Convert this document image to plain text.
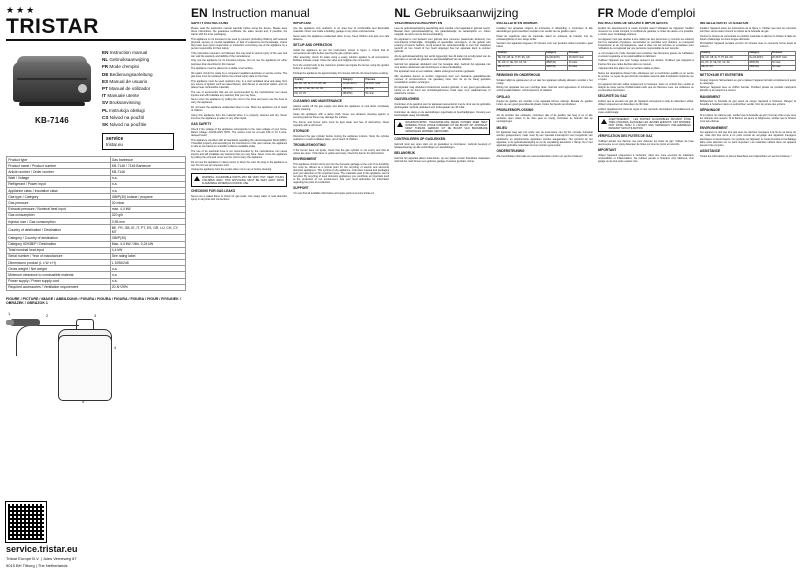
★★★
TRISTAR
KB-7146
EN Instruction manual
NL Gebruiksaanwijzing
FR Mode d'emploi
DE Bedienungsanleitung
ES Manual de usuario
PT Manual de utilizador
IT Manuale utente
SV Bruksanvisning
PL Instrukcja obsługi
CS Návod na použití
SK Návod na použitie
service
tristar.eu
Product type	Gas barbecue
Product name / Product number	KB-7146 / 7146 Barbecue
Article number / Order number	KB-7146
Watt / Voltage	n.a.
Refrigerant / Power input	n.a.
Appliance class / Insulation class	n.a.
Gas type / Category	I3B/P(30) butane / propane
Gas pressure	30 mbar
Exhaust pressure / Nominal heat input	max. 4,4 kW
Gas consumption	320 g/h
Injector size / Gas consumption	0,95 mm
Country of destination / Destination	BE, FR, GB, IE, IT, PT, ES, GR, LU, CH, CY, MT
Category / Country of destination	I3B/P(30)
Category II2H3B/P / Destination	Max. 4,4 kW / Min. 0,24 kW
Total nominal heat input	4,4 kW
Serial number / Year of manufacture	See rating label
Dimensions product (L x W x H)	L 1096/248
Gross weight / Net weight	n.a.
Minimum clearance to combustible material	n.a.
Power supply / Power supply cord	n.a.
Required accessories / Ventilation requirement	20-N+25%
FIGURE / PICTURE / IMAGE / ABBILDUNG / FIGURA / FIGURA / FIGURA / FIGURA / FIGUR / RYSUNEK / OBRÁZEK / OBRÁZOK 1
1	2	3
4
5
service.tristar.eu
Tristar Europe B.V. | Jules Verneweg 87
5015 BH Tilburg | The Netherlands
EN Instruction manual
SAFETY INSTRUCTIONS

Please read the instruction manual carefully before using the device. Please keep these instructions, the guarantee certificate, the sales receipt and, if possible, the carton with the inner packaging.

This appliance is not intended to be used by persons (including children) with reduced physical, sensory or mental capabilities, or lack of experience and knowledge, unless they have been given supervision or instruction concerning use of the appliance by a person responsible for their safety.

If the instruction manual is not followed, this may lead to serious injury of the user and can void the warranty and liability of the manufacturer.

Only use the appliance for its intended purpose. Do not use the appliance for other purposes than described in this manual.

The appliance must be placed on a stable, level surface.

All repairs should be made by a competent qualified electrician or service centre. The gas hose must be replaced before the printed expiry date on the hose.

This appliance must be used outdoors only, in a well ventilated area and away from any source of ignition such as naked flames, pilot flames or electrical sparks, and not placed near combustible materials.

The use of accessories that are not recommended by the manufacturer can cause injuries and will invalidate any warranty that you may have.

Never move the appliance by pulling the cord or the hose and never use the hose to carry the appliance.

Do not leave the appliance unattended when in use. Store the appliance out of reach of children.

Using this appliance from the material when it is properly cleaned and dry. Never immerse the appliance in water or any other liquid.

GAS SAFETY

Check if the voltage of the appliance corresponds to the main voltage of your home. Rated voltage: AC230-240V 50Hz. The socket must be at least 16A or 10 A time-delayed fused.

This appliance complies with all standards regarding the electromagnetic fields (EMF). If handled properly and according to the instructions in this user manual, the appliance is safe to use based on scientific evidence available today.

The use of an electrical hose is not recommended by the manufacturer can cause injuries and will invalidate any warranty that you may have. Never move the appliance by pulling the cord and never use the cord to carry the appliance.

Do not use the appliance in damp rooms or when the cord, the plug or the appliance is wet. Do not use an extension cord.

Unplug the appliance from the socket when not in use or before cleaning.

WARNING: ACCESSIBLE PARTS MAY BE VERY HOT. KEEP YOUNG CHILDREN AWAY. THIS APPLIANCE MUST BE KEPT AWAY FROM FLAMMABLE MATERIALS DURING USE.
CHECKING FOR GAS LEAKS

Never use a naked flame to check for gas leaks. Use soapy water or leak detection spray on all joints and connections.

IMPORTANT

Use the appliance only outdoors, in an area free of combustible and flammable materials. Never use inside a building, garage or any other enclosed area.

Never leave the appliance unattended when in use. Keep children and pets at a safe distance.

SET-UP AND OPERATION

Install the appliance as per the instructions shown in figure 1. Check that all connections are tight before opening the gas cylinder valve.

After assembly, check for leaks using a soapy solution applied to all connections. Bubbles indicate a leak. Close the valve and retighten the connection.

Turn the control knob to the maximum position and ignite the burner using the ignition button or a long match.

Preheat the appliance for approximately 10 minutes with the lid closed before cooking.

Country	Category	Pressure
BE, FR, GB, IE, IT, PT, ES, GR	I3+(28-30/37)	28-30/37 mbar
NL, DK, FI, SE, NO, CZ, SK	I3B/P(30)	30 mbar
DE, AT, CH	I3B/P(50)	50 mbar
CLEANING AND MAINTENANCE

Always switch off the gas supply and allow the appliance to cool down completely before cleaning.

Clean the appliance with a damp cloth. Never use abrasive cleaning agents or scouring pads as these may damage the surface.

The burner and burner ports must be kept clean and free of obstruction. Clean regularly with a soft brush.

STORAGE

Disconnect the gas cylinder before storing the appliance indoors. Store the cylinder outdoors in a well ventilated place, out of reach of children.

TROUBLESHOOTING

If the burner does not ignite, check that the gas cylinder is not empty and that all valves are open. If the flame is yellow and sooty, check the burner for obstructions.

ENVIRONMENT

This appliance should not be put into the domestic garbage at the end of its durability, but must be offered at a central point for the recycling of electric and electronic domestic appliances. This symbol on the appliance, instruction manual and packaging puts your attention to this important issue. The materials used in this appliance can be recycled. By recycling of used domestic appliances you contribute an important push to the protection of our environment. Ask your local authorities for information regarding the point of recollection.

SUPPORT

You can find all available information and spare parts at service.tristar.eu!

NL Gebruiksaanwijzing
VEILIGHEIDSVOORSCHRIFTEN

Lees de gebruiksaanwijzing aandachtig door voordat u het apparaat in gebruik neemt. Bewaar deze gebruiksaanwijzing, het garantiebewijs, de aankoopbon en, indien mogelijk, de doos met de binnenverpakking.

Dit apparaat is niet bedoeld voor gebruik door personen (waaronder kinderen) met verminderde lichamelijke, zintuiglijke of geestelijke vermogens, of die gebrek aan ervaring of kennis hebben, tenzij iemand die verantwoordelijk is voor hun veiligheid toezicht op hen houdt of hen heeft uitgelegd hoe het apparaat dient te worden gebruikt.

Als de gebruiksaanwijzing niet wordt opgevolgd, kan dit leiden tot ernstig letsel van de gebruiker en vervalt de garantie en aansprakelijkheid van de fabrikant.

Gebruik het apparaat uitsluitend voor het beoogde doel. Gebruik het apparaat niet voor andere doeleinden dan beschreven in deze handleiding.

Het apparaat moet op een stabiele, vlakke ondergrond worden geplaatst.

Alle reparaties dienen te worden uitgevoerd door een bekwame gekwalificeerde monteur of servicecentrum. De gasslang moet vóór de op de slang gedrukte vervaldatum worden vervangen.

Dit apparaat mag uitsluitend buitenshuis worden gebruikt, in een goed geventileerde ruimte en uit de buurt van ontstekingsbronnen zoals open vuur, waakvlammen of elektrische vonken.

GASVEILIGHEID

Controleer of de gasdruk van het apparaat overeenkomt met de druk van de gebruikte drukregelaar. Gebruik uitsluitend een drukregelaar van 30 mbar.

Controleer de slang en de aansluitingen regelmatig op beschadigingen. Vervang een beschadigde slang onmiddellijk.

WAARSCHUWING: TOEGANKELIJKE DELEN KUNNEN ZEER HEET WORDEN. HOUD JONGE KINDEREN UIT DE BUURT. DIT APPARAAT MOET TIJDENS GEBRUIK UIT DE BUURT VAN BRANDBARE MATERIALEN WORDEN GEHOUDEN.
CONTROLEREN OP GASLEKKEN

Gebruik nooit een open vlam om op gaslekken te controleren. Gebruik zeepsop of lekdetectiespray op alle verbindingen en aansluitingen.

BELANGRIJK

Gebruik het apparaat alleen buitenshuis, op een plaats zonder brandbare materialen. Gebruik het nooit binnen een gebouw, garage of andere gesloten ruimte.

INSTALLATIE EN GEBRUIK

Installeer het apparaat volgens de instructies in afbeelding 1. Controleer of alle aansluitingen goed vastzitten voordat u het ventiel van de gasfles opent.

Draai de regelknop naar de maximale stand en ontsteek de brander met de ontstekingsknop of een lange lucifer.

Verwarm het apparaat ongeveer 10 minuten voor met gesloten deksel voordat u gaat koken.

Country	Category	Pressure
BE, FR, GB, IE, IT, PT, ES, GR	I3+(28-30/37)	28-30/37 mbar
NL, DK, FI, SE, NO, CZ, SK	I3B/P(30)	30 mbar
DE, AT, CH	I3B/P(50)	50 mbar
REINIGING EN ONDERHOUD

Schakel altijd de gastoevoer uit en laat het apparaat volledig afkoelen voordat u het reinigt.

Reinig het apparaat met een vochtige doek. Gebruik nooit agressieve of schurende schoonmaakmiddelen, schuursponzen of staalwol.

OPSLAG

Koppel de gasfles los voordat u het apparaat binnen opbergt. Bewaar de gasfles buiten op een goed geventileerde plaats, buiten het bereik van kinderen.

PROBLEEMOPLOSSING

Als de brander niet ontsteekt, controleer dan of de gasfles niet leeg is en of alle ventielen open staan. Is de vlam geel en roetig, controleer de brander dan op verstoppingen.

MILIEU

Dit apparaat mag aan het einde van de levensduur niet bij het normale huisafval worden gedeponeerd, maar moet bij een speciaal inzamelpunt voor hergebruik van elektrische en elektronische apparaten worden aangeboden. Het symbool op het apparaat, in de gebruiksaanwijzing en op de verpakking attendeert u hierop. De in het apparaat gebruikte materialen kunnen worden gerecycled.

ONDERSTEUNING

Alle beschikbare informatie en reserveonderdelen vindt u op service.tristar.eu!

FR Mode d'emploi
INSTRUCTIONS DE SÉCURITÉ IMPORTANTES

Veuillez lire attentivement le mode d'emploi avant l'utilisation de l'appareil. Veuillez conserver ce mode d'emploi, le certificat de garantie, le ticket de caisse et si possible, le carton avec l'emballage intérieur.

Cet appareil n'est pas destiné à être utilisé par des personnes (y compris les enfants) dont les capacités physiques, sensorielles ou mentales sont réduites, ou manquant d'expérience et de connaissances, sauf si elles ont été formées et encadrées pour l'utilisation de cet appareil par une personne responsable de leur sécurité.

Le non-respect du mode d'emploi peut entraîner des blessures graves de l'utilisateur et annule la garantie et la responsabilité du fabricant.

N'utilisez l'appareil que pour l'usage auquel il est destiné. N'utilisez pas l'appareil à d'autres fins que celles décrites dans ce manuel.

L'appareil doit être placé sur une surface stable et plane.

Toutes les réparations doivent être effectuées par un technicien qualifié ou un centre de service. Le tuyau de gaz doit être remplacé avant la date d'expiration imprimée sur le tuyau.

Cet appareil doit être utilisé uniquement à l'extérieur, dans un endroit bien ventilé et éloigné de toute source d'inflammation telle que les flammes nues, les veilleuses ou les étincelles électriques.

SÉCURITÉ DU GAZ

Vérifiez que la pression de gaz de l'appareil correspond à celle du détendeur utilisé. Utilisez uniquement un détendeur de 30 mbar.

Vérifiez régulièrement l'état du tuyau et des raccords. Remplacez immédiatement un tuyau endommagé.

AVERTISSEMENT : LES PARTIES ACCESSIBLES PEUVENT ÊTRE TRÈS CHAUDES. ÉLOIGNEZ LES JEUNES ENFANTS. CET APPAREIL DOIT ÊTRE TENU À L'ÉCART DES MATÉRIAUX INFLAMMABLES PENDANT SON UTILISATION.
VÉRIFICATION DES FUITES DE GAZ

N'utilisez jamais une flamme nue pour détecter les fuites de gaz. Utilisez de l'eau savonneuse ou un spray détecteur de fuites sur tous les joints et raccords.

IMPORTANT

Utilisez l'appareil uniquement à l'extérieur, dans une zone exempte de matériaux combustibles et inflammables. Ne l'utilisez jamais à l'intérieur d'un bâtiment, d'un garage ou de tout autre espace clos.

INSTALLATION ET UTILISATION

Installez l'appareil selon les instructions de la figure 1. Vérifiez que tous les raccords sont bien serrés avant d'ouvrir le robinet de la bouteille de gaz.

Tournez le bouton de commande en position maximale et allumez le brûleur à l'aide du bouton d'allumage ou d'une longue allumette.

Préchauffez l'appareil pendant environ 10 minutes avec le couvercle fermé avant la cuisson.

Country	Category	Pressure
BE, FR, GB, IE, IT, PT, ES, GR	I3+(28-30/37)	28-30/37 mbar
NL, DK, FI, SE, NO, CZ, SK	I3B/P(30)	30 mbar
DE, AT, CH	I3B/P(50)	50 mbar
NETTOYAGE ET ENTRETIEN

Coupez toujours l'alimentation en gaz et laissez l'appareil refroidir complètement avant le nettoyage.

Nettoyez l'appareil avec un chiffon humide. N'utilisez jamais de produits nettoyants abrasifs ni de tampons à récurer.

RANGEMENT

Débranchez la bouteille de gaz avant de ranger l'appareil à l'intérieur. Rangez la bouteille à l'extérieur dans un endroit bien ventilé, hors de portée des enfants.

DÉPANNAGE

Si le brûleur ne s'allume pas, vérifiez que la bouteille de gaz n'est pas vide et que tous les robinets sont ouverts. Si la flamme est jaune et fuligineuse, vérifiez que le brûleur n'est pas obstrué.

ENVIRONNEMENT

Cet appareil ne doit pas être jeté avec les déchets ménagers à la fin de sa durée de vie, mais doit être remis à un point central de recyclage des appareils ménagers électriques et électroniques. Ce symbole sur l'appareil, le mode d'emploi et l'emballage attire votre attention sur ce point important. Les matériaux utilisés dans cet appareil peuvent être recyclés.

ASSISTANCE

Toutes les informations et pièces détachées sont disponibles sur service.tristar.eu !
